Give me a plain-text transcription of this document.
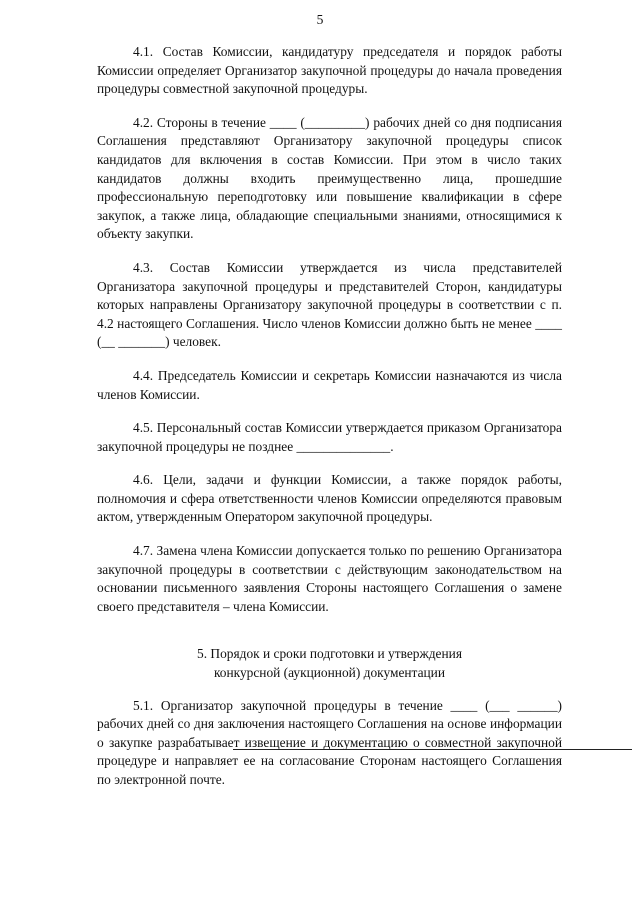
5

4.1. Состав Комиссии, кандидатуру председателя и порядок работы Комиссии определяет Организатор закупочной процедуры до начала проведения процедуры совместной закупочной процедуры.

4.2. Стороны в течение ____ (_________) рабочих дней со дня подписания Соглашения представляют Организатору закупочной процедуры список кандидатов для включения в состав Комиссии. При этом в число таких кандидатов должны входить преимущественно лица, прошедшие профессиональную переподготовку или повышение квалификации в сфере закупок, а также лица, обладающие специальными знаниями, относящимися к объекту закупки.

4.3. Состав Комиссии утверждается из числа представителей Организатора закупочной процедуры и представителей Сторон, кандидатуры которых направлены Организатору закупочной процедуры в соответствии с п. 4.2 настоящего Соглашения. Число членов Комиссии должно быть не менее ____ (__ _______) человек.

4.4. Председатель Комиссии и секретарь Комиссии назначаются из числа членов Комиссии.

4.5. Персональный состав Комиссии утверждается приказом Организатора закупочной процедуры не позднее ______________.

4.6. Цели, задачи и функции Комиссии, а также порядок работы, полномочия и сфера ответственности членов Комиссии определяются правовым актом, утвержденным Оператором закупочной процедуры.

4.7. Замена члена Комиссии допускается только по решению Организатора закупочной процедуры в соответствии с действующим законодательством на основании письменного заявления Стороны настоящего Соглашения о замене своего представителя – члена Комиссии.

5. Порядок и сроки подготовки и утверждения
конкурсной (аукционной) документации

5.1. Организатор закупочной процедуры в течение ____ (___ ______) рабочих дней со дня заключения настоящего Соглашения на основе информации о закупке разрабатывает извещение и документацию о совместной закупочной процедуре и направляет ее на согласование Сторонам настоящего Соглашения по электронной почте.
